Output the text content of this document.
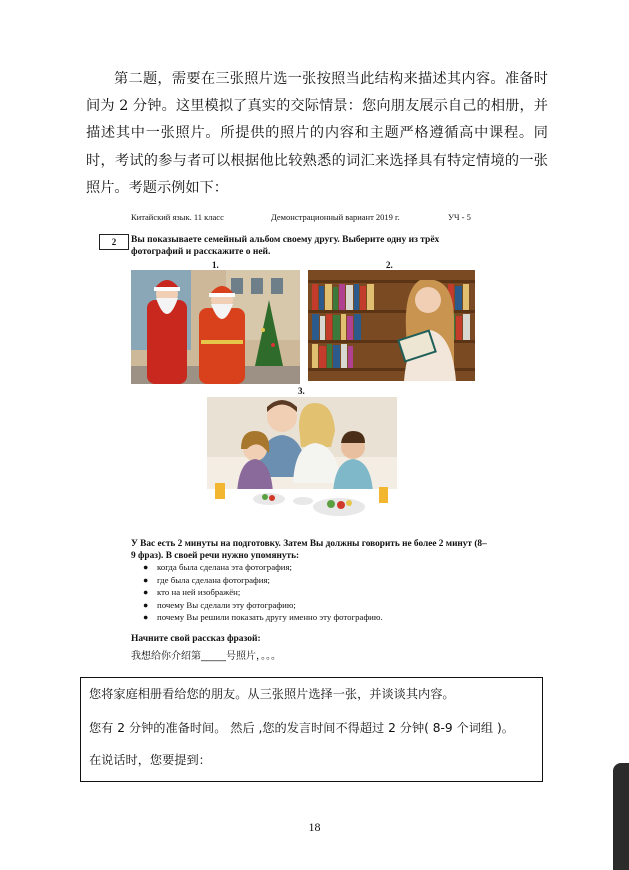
第二题，需要在三张照片选一张按照当此结构来描述其内容。准备时间为 2 分钟。这里模拟了真实的交际情景：您向朋友展示自己的相册，并描述其中一张照片。所提供的照片的内容和主题严格遵循高中课程。同时，考试的参与者可以根据他比较熟悉的词汇来选择具有特定情境的一张照片。考题示例如下：

Китайский язык. 11 класс	Демонстрационный вариант 2019 г.	УЧ - 5
2	Вы показываете семейный альбом своему другу. Выберите одну из трёх фотографий и расскажите о ней.

1.	2.
3.

У Вас есть 2 минуты на подготовку. Затем Вы должны говорить не более 2 минут (8–9 фраз). В своей речи нужно упомянуть:

● когда была сделана эта фотография;
● где была сделана фотография;
● кто на ней изображён;
● почему Вы сделали эту фотографию;
● почему Вы решили показать другу именно эту фотографию.
Начните свой рассказ фразой:
我想给你介绍第_____号照片，。。。

您将家庭相册看给您的朋友。从三张照片选择一张，并谈谈其内容。

您有 2 分钟的准备时间。 然后 ,您的发言时间不得超过 2 分钟( 8-9 个词组 )。

在说话时，您要提到：

18
